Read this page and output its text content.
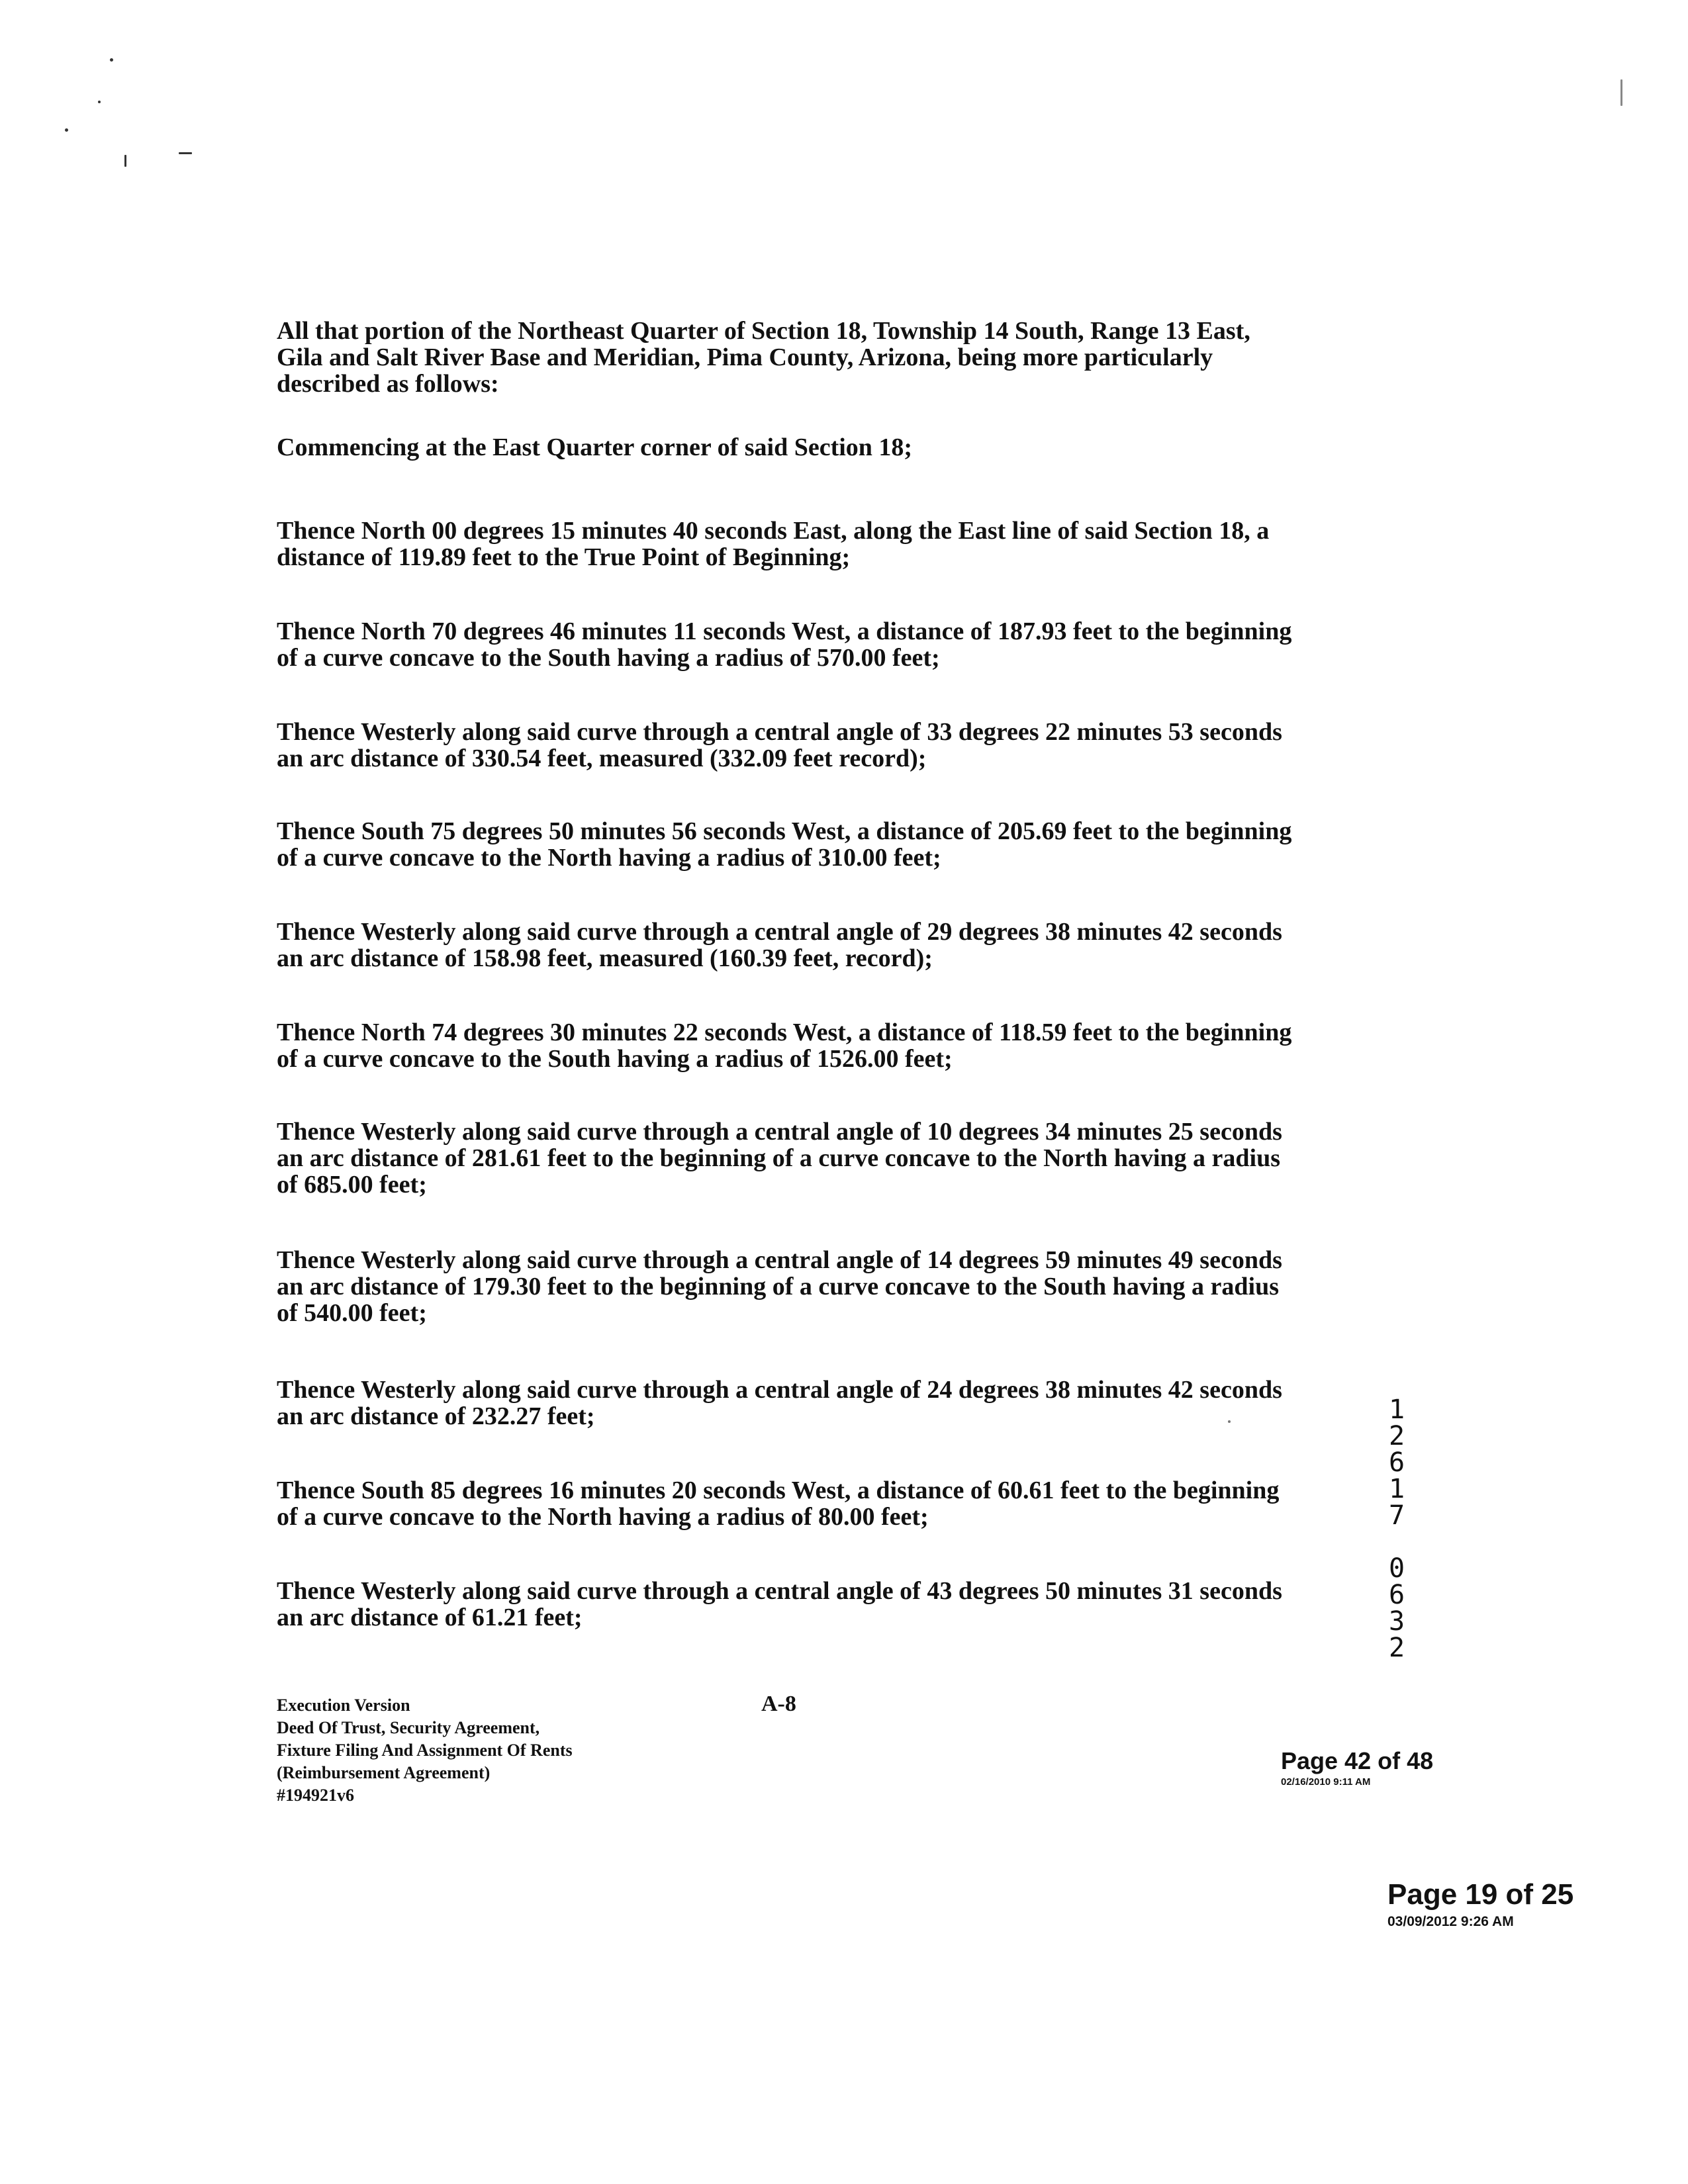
All that portion of the Northeast Quarter of Section 18, Township 14 South, Range 13 East, Gila and Salt River Base and Meridian, Pima County, Arizona, being more particularly described as follows:

Commencing at the East Quarter corner of said Section 18;

Thence North 00 degrees 15 minutes 40 seconds East, along the East line of said Section 18, a distance of 119.89 feet to the True Point of Beginning;

Thence North 70 degrees 46 minutes 11 seconds West, a distance of 187.93 feet to the beginning of a curve concave to the South having a radius of 570.00 feet;

Thence Westerly along said curve through a central angle of 33 degrees 22 minutes 53 seconds an arc distance of 330.54 feet, measured (332.09 feet record);

Thence South 75 degrees 50 minutes 56 seconds West, a distance of 205.69 feet to the beginning of a curve concave to the North having a radius of 310.00 feet;

Thence Westerly along said curve through a central angle of 29 degrees 38 minutes 42 seconds an arc distance of 158.98 feet, measured (160.39 feet, record);

Thence North 74 degrees 30 minutes 22 seconds West, a distance of 118.59 feet to the beginning of a curve concave to the South having a radius of 1526.00 feet;

Thence Westerly along said curve through a central angle of 10 degrees 34 minutes 25 seconds an arc distance of 281.61 feet to the beginning of a curve concave to the North having a radius of 685.00 feet;

Thence Westerly along said curve through a central angle of 14 degrees 59 minutes 49 seconds an arc distance of 179.30 feet to the beginning of a curve concave to the South having a radius of 540.00 feet;

Thence Westerly along said curve through a central angle of 24 degrees 38 minutes 42 seconds an arc distance of 232.27 feet;

Thence South 85 degrees 16 minutes 20 seconds West, a distance of 60.61 feet to the beginning of a curve concave to the North having a radius of 80.00 feet;

Thence Westerly along said curve through a central angle of 43 degrees 50 minutes 31 seconds an arc distance of 61.21 feet;

1
2
6
1
7
0
6
3
2
Execution Version
Deed Of Trust, Security Agreement,
Fixture Filing And Assignment Of Rents
(Reimbursement Agreement)
#194921v6
A-8
Page 42 of 48
02/16/2010 9:11 AM
Page 19 of 25
03/09/2012 9:26 AM
